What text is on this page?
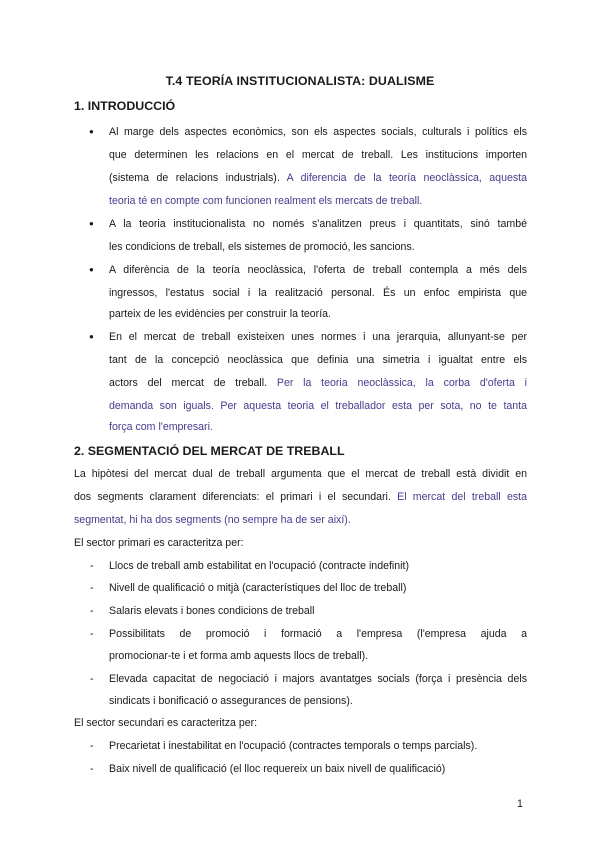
T.4 TEORÍA INSTITUCIONALISTA: DUALISME
1. INTRODUCCIÓ
●
●
●
●
Al marge dels aspectes econòmics, son els aspectes socials, culturals i polítics els
que determinen les relacions en el mercat de treball. Les institucions importen
(sistema de relacions industrials). A diferencia de la teoría neoclàssica, aquesta
teoria té en compte com funcionen realment els mercats de treball.
A la teoria institucionalista no només s'analitzen preus i quantitats, sinó també
les condicions de treball, els sistemes de promoció, les sancions.
A diferència de la teoría neoclàssica, l'oferta de treball contempla a més dels
ingressos, l'estatus social i la realització personal. És un enfoc empirista que
parteix de les evidències per construir la teoría.
En el mercat de treball existeixen unes normes i una jerarquia, allunyant-se per
tant de la concepció neoclàssica que definia una simetria i igualtat entre els
actors del mercat de treball. Per la teoria neoclàssica, la corba d'oferta i
demanda son iguals. Per aquesta teoria el treballador esta per sota, no te tanta
força com l'empresari.
2. SEGMENTACIÓ DEL MERCAT DE TREBALL
La hipòtesi del mercat dual de treball argumenta que el mercat de treball està dividit en
dos segments clarament diferenciats: el primari i el secundari. El mercat del treball esta
segmentat, hi ha dos segments (no sempre ha de ser així).
El sector primari es caracteritza per:
- Llocs de treball amb estabilitat en l'ocupació (contracte indefinit)
- Nivell de qualificació o mitjà (característiques del lloc de treball)
- Salaris elevats i bones condicions de treball
- Possibilitats de promoció i formació a l'empresa (l'empresa ajuda a
promocionar-te i et forma amb aquests llocs de treball).
- Elevada capacitat de negociació i majors avantatges socials (força i presència dels
sindicats i bonificació o assegurances de pensions).
El sector secundari es caracteritza per:
- Precarietat i inestabilitat en l'ocupació (contractes temporals o temps parcials).
- Baix nivell de qualificació (el lloc requereix un baix nivell de qualificació)
1
